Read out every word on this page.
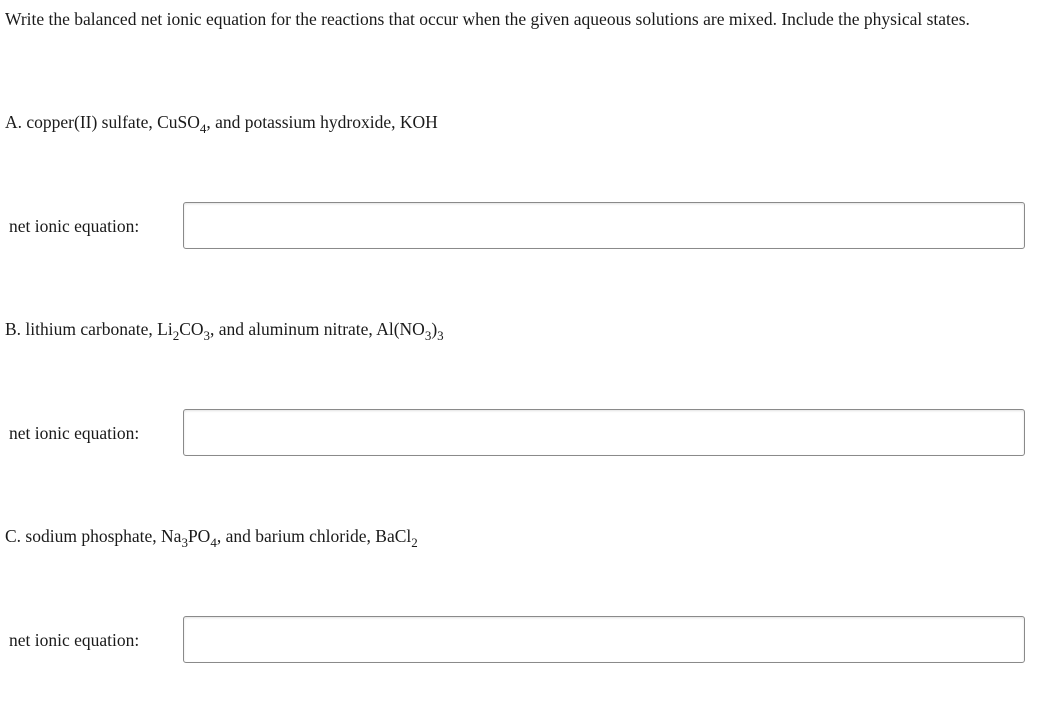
Write the balanced net ionic equation for the reactions that occur when the given aqueous solutions are mixed. Include the physical states.
A. copper(II) sulfate, CuSO$_4$, and potassium hydroxide, KOH
net ionic equation:
B. lithium carbonate, $Li_2CO_3$, and aluminum nitrate, $Al(NO_3)_3$
net ionic equation:
C. sodium phosphate, $Na_3PO_4$, and barium chloride, BaCl$_2$
net ionic equation:
